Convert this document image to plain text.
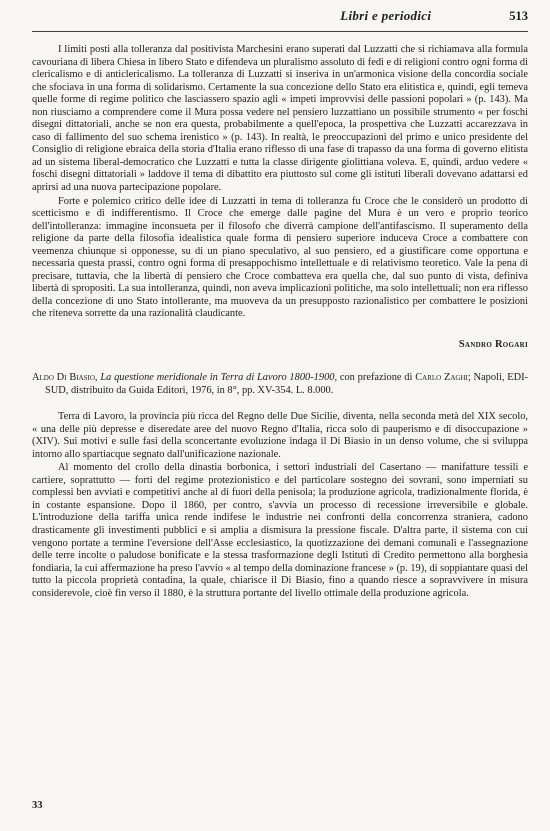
Libri e periodici	513

I limiti posti alla tolleranza dal positivista Marchesini erano superati dal Luzzatti che si richiamava alla formula cavouriana di libera Chiesa in libero Stato e difendeva un pluralismo assoluto di fedi e di religioni contro ogni forma di clericalismo e di anticlericalismo. La tolleranza di Luzzatti si inseriva in un'armonica visione della concordia sociale che sfociava in una forma di solidarismo. Certamente la sua concezione dello Stato era elitistica e, quindi, egli temeva quelle forme di regime politico che lasciassero spazio agli « impeti improvvisi delle passioni popolari » (p. 143). Ma non riusciamo a comprendere come il Mura possa vedere nel pensiero luzzattiano un possibile strumento « per foschi disegni dittatoriali, anche se non era questa, probabilmente a quell'epoca, la prospettiva che Luzzatti accarezzava in caso di fallimento del suo schema irenistico » (p. 143). In realtà, le preoccupazioni del primo e unico presidente del Consiglio di religione ebraica della storia d'Italia erano riflesso di una fase di trapasso da una forma di governo elitista ad un sistema liberal-democratico che Luzzatti e tutta la classe dirigente giolittiana voleva. E, quindi, arduo vedere « foschi disegni dittatoriali » laddove il tema di dibattito era piuttosto sul come gli istituti liberali dovevano adattarsi ed aprirsi ad una nuova partecipazione popolare.

Forte e polemico critico delle idee di Luzzatti in tema di tolleranza fu Croce che le considerò un prodotto di scetticismo e di indifferentismo. Il Croce che emerge dalle pagine del Mura è un vero e proprio teorico dell'intolleranza: immagine inconsueta per il filosofo che diverrà campione dell'antifascismo. Il superamento della religione da parte della filosofia idealistica quale forma di pensiero superiore induceva Croce a combattere con veemenza chiunque si opponesse, su di un piano speculativo, al suo pensiero, ed a giustificare come opportuna e necessaria questa prassi, contro ogni forma di presappochismo intellettuale e di relativismo teoretico. Vale la pena di precisare, tuttavia, che la libertà di pensiero che Croce combatteva era quella che, dal suo punto di vista, definiva libertà di spropositi. La sua intolleranza, quindi, non aveva implicazioni politiche, ma solo intellettuali; non era riflesso della concezione di uno Stato intollerante, ma muoveva da un presupposto razionalistico per combattere le posizioni che riteneva sorrette da una razionalità claudicante.

Sandro Rogari
Aldo Di Biasio, La questione meridionale in Terra di Lavoro 1800-1900, con prefazione di Carlo Zaghi; Napoli, EDI-SUD, distribuito da Guida Editori, 1976, in 8°, pp. XV-354. L. 8.000.

Terra di Lavoro, la provincia più ricca del Regno delle Due Sicilie, diventa, nella seconda metà del XIX secolo, « una delle più depresse e diseredate aree del nuovo Regno d'Italia, ricca solo di pauperismo e di disoccupazione » (XIV). Sui motivi e sulle fasi della sconcertante evoluzione indaga il Di Biasio in un denso volume, che si sviluppa intorno allo spartiacque segnato dall'unificazione nazionale.

Al momento del crollo della dinastia borbonica, i settori industriali del Casertano — manifatture tessili e cartiere, soprattutto — forti del regime protezionistico e del particolare sostegno dei sovrani, sono imperniati su complessi ben avviati e competitivi anche al di fuori della penisola; la produzione agricola, tradizionalmente florida, è in costante espansione. Dopo il 1860, per contro, s'avvia un processo di recessione irreversibile e globale. L'introduzione della tariffa unica rende indifese le industrie nei confronti della concorrenza straniera, cadono drasticamente gli investimenti pubblici e si amplia a dismisura la pressione fiscale. D'altra parte, il sistema con cui vengono portate a termine l'eversione dell'Asse ecclesiastico, la quotizzazione dei demani comunali e l'assegnazione delle terre incolte o paludose bonificate e la stessa trasformazione degli Istituti di Credito permettono alla borghesia fondiaria, la cui affermazione ha preso l'avvio « al tempo della dominazione francese » (p. 19), di soppiantare quasi del tutto la piccola proprietà contadina, la quale, chiarisce il Di Biasio, fino a quando riesce a sopravvivere in misura considerevole, cioè fin verso il 1880, è la struttura portante del livello ottimale della produzione agricola.

33
